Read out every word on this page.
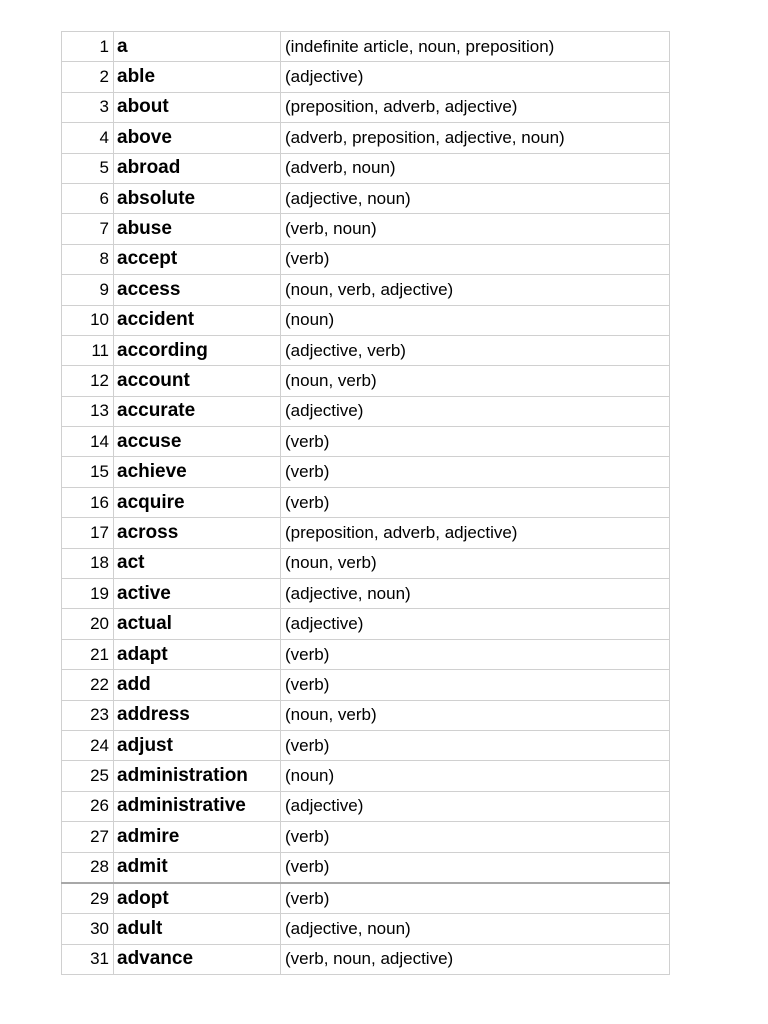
1	a	(indefinite article, noun, preposition)
2	able	(adjective)
3	about	(preposition, adverb, adjective)
4	above	(adverb, preposition, adjective, noun)
5	abroad	(adverb, noun)
6	absolute	(adjective, noun)
7	abuse	(verb, noun)
8	accept	(verb)
9	access	(noun, verb, adjective)
10	accident	(noun)
11	according	(adjective, verb)
12	account	(noun, verb)
13	accurate	(adjective)
14	accuse	(verb)
15	achieve	(verb)
16	acquire	(verb)
17	across	(preposition, adverb, adjective)
18	act	(noun, verb)
19	active	(adjective, noun)
20	actual	(adjective)
21	adapt	(verb)
22	add	(verb)
23	address	(noun, verb)
24	adjust	(verb)
25	administration	(noun)
26	administrative	(adjective)
27	admire	(verb)
28	admit	(verb)
29	adopt	(verb)
30	adult	(adjective, noun)
31	advance	(verb, noun, adjective)
